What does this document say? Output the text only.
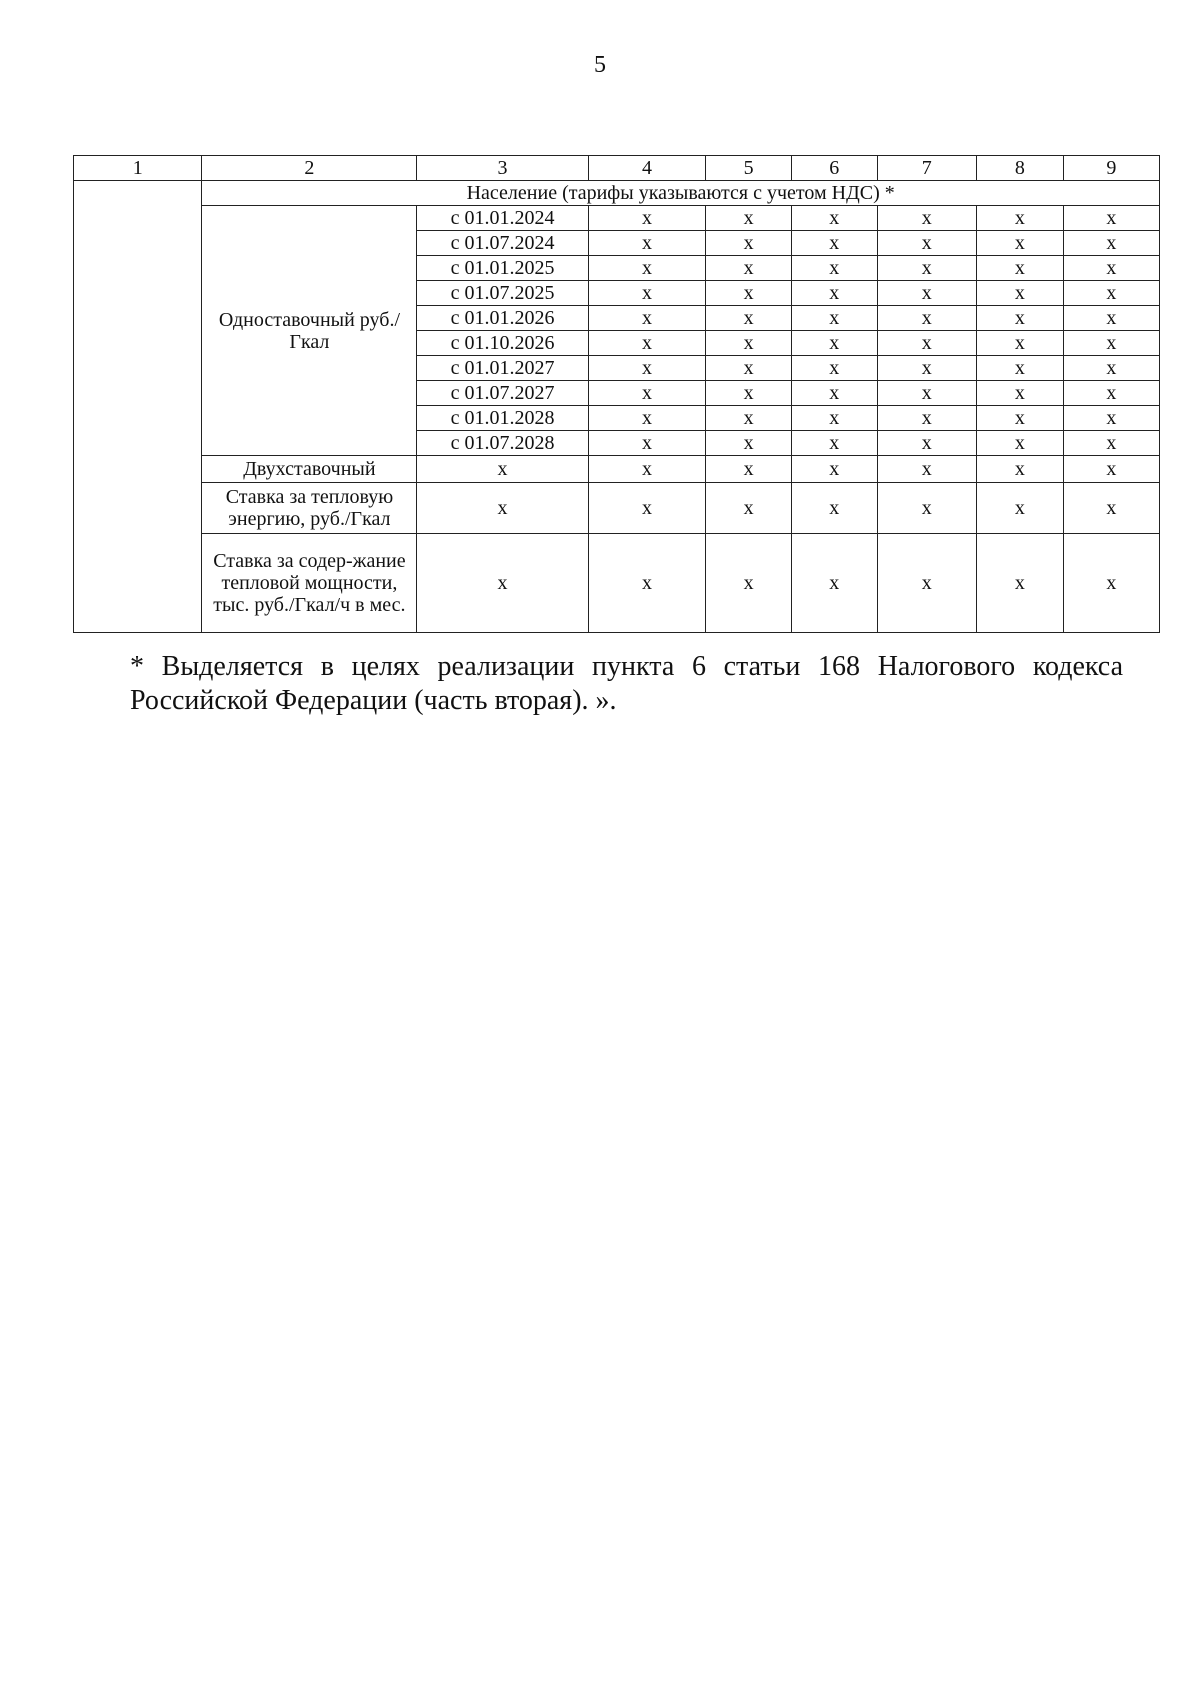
5
1	2	3	4	5	6	7	8	9
	Население (тарифы указываются с учетом НДС) *							
	Одноставочный руб./Гкал	с 01.01.2024	x	x	x	x	x	x
		с 01.07.2024	x	x	x	x	x	x
		с 01.01.2025	x	x	x	x	x	x
		с 01.07.2025	x	x	x	x	x	x
		с 01.01.2026	x	x	x	x	x	x
		с 01.10.2026	x	x	x	x	x	x
		с 01.01.2027	x	x	x	x	x	x
		с 01.07.2027	x	x	x	x	x	x
		с 01.01.2028	x	x	x	x	x	x
		с 01.07.2028	x	x	x	x	x	x
	Двухставочный	x	x	x	x	x	x	x
	Ставка за тепловую энергию, руб./Гкал	x	x	x	x	x	x	x
	Ставка за содер-жание тепловой мощности, тыс. руб./Гкал/ч в мес.	x	x	x	x	x	x	x
* Выделяется в целях реализации пункта 6 статьи 168 Налогового кодекса Российской Федерации (часть вторая). ».
